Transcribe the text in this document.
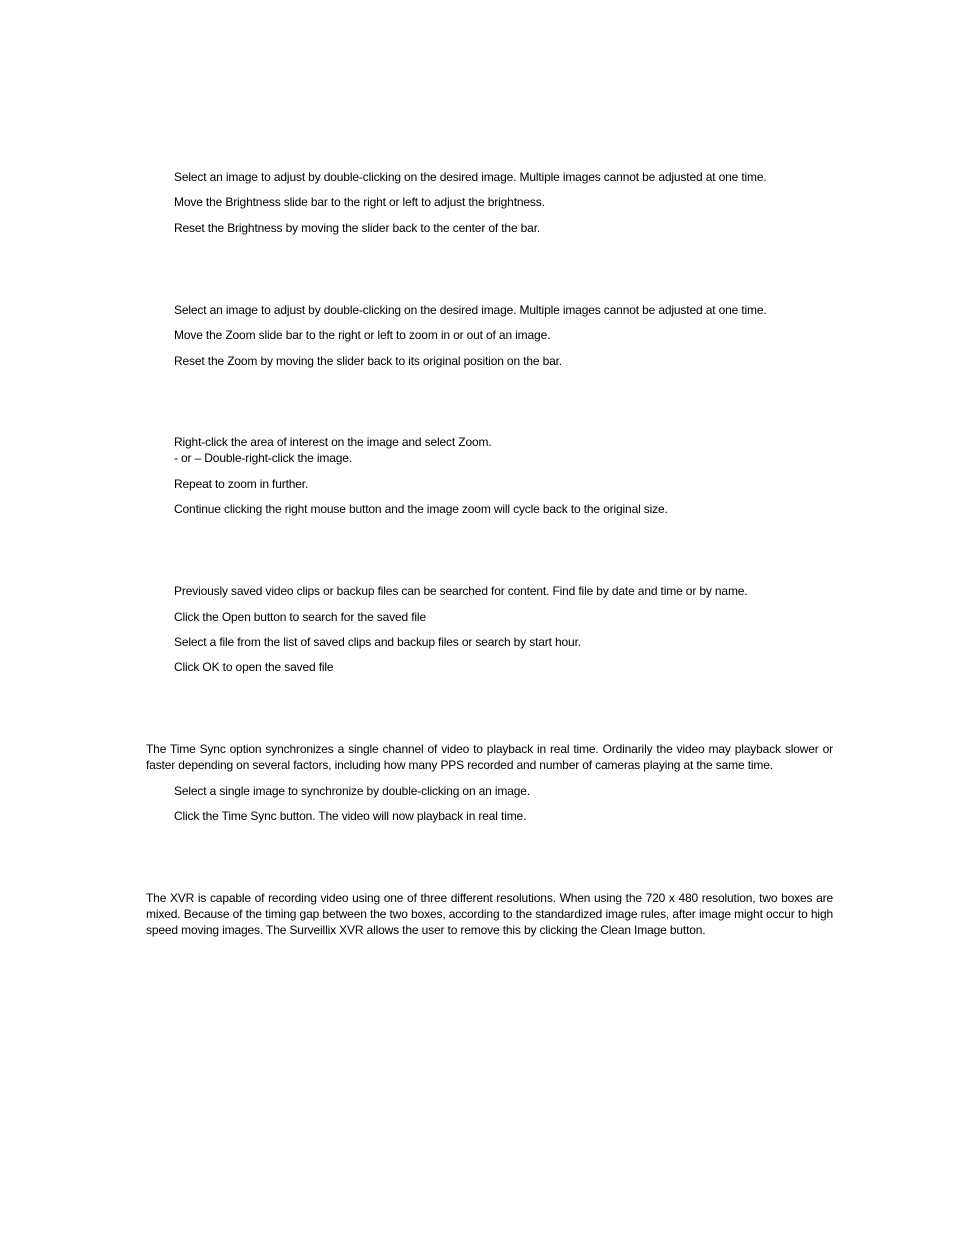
Select an image to adjust by double-clicking on the desired image. Multiple images cannot be adjusted at one time.
Move the Brightness slide bar to the right or left to adjust the brightness.
Reset the Brightness by moving the slider back to the center of the bar.
Select an image to adjust by double-clicking on the desired image. Multiple images cannot be adjusted at one time.
Move the Zoom slide bar to the right or left to zoom in or out of an image.
Reset the Zoom by moving the slider back to its original position on the bar.
Right-click the area of interest on the image and select Zoom.
- or – Double-right-click the image.
Repeat to zoom in further.
Continue clicking the right mouse button and the image zoom will cycle back to the original size.
Previously saved video clips or backup files can be searched for content. Find file by date and time or by name.
Click the Open button to search for the saved file
Select a file from the list of saved clips and backup files or search by start hour.
Click OK to open the saved file
The Time Sync option synchronizes a single channel of video to playback in real time. Ordinarily the video may playback slower or
faster depending on several factors, including how many PPS recorded and number of cameras playing at the same time.
Select a single image to synchronize by double-clicking on an image.
Click the Time Sync button. The video will now playback in real time.
The XVR is capable of recording video using one of three different resolutions. When using the 720 x 480 resolution, two boxes are
mixed. Because of the timing gap between the two boxes, according to the standardized image rules, after image might occur to high
speed moving images. The Surveillix XVR allows the user to remove this by clicking the Clean Image button.
